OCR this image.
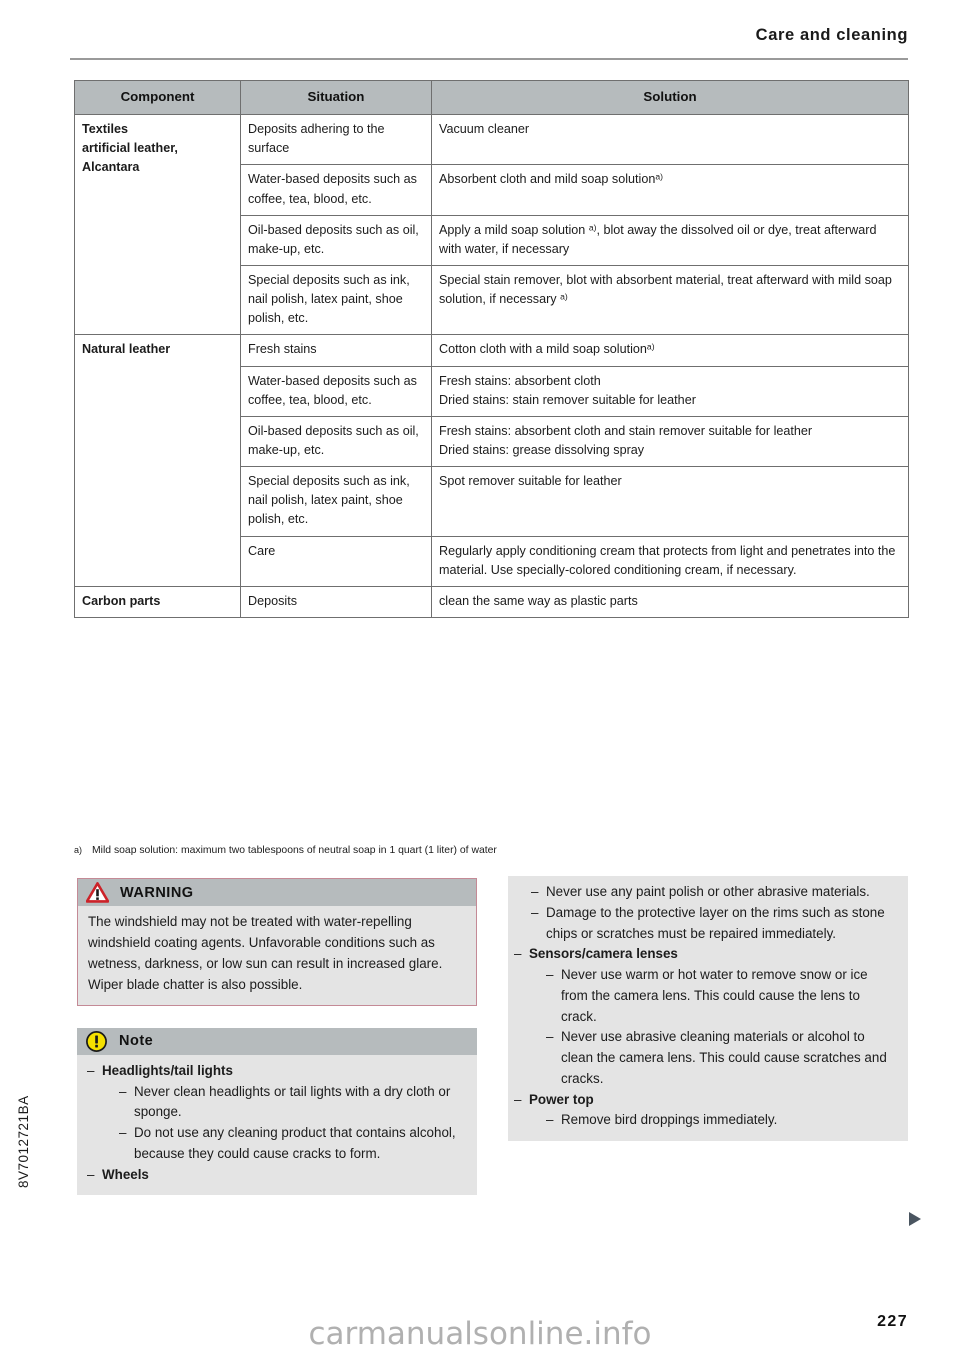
Care and cleaning
Component	Situation	Solution

Textiles
artificial leather,
Alcantara	Deposits adhering to the surface	Vacuum cleaner
	Water-based deposits such as coffee, tea, blood, etc.	Absorbent cloth and mild soap solution$^{a)}$
	Oil-based deposits such as oil, make-up, etc.	Apply a mild soap solution $^{a)}$, blot away the dissolved oil or dye, treat afterward with water, if necessary
	Special deposits such as ink, nail polish, latex paint, shoe polish, etc.	Special stain remover, blot with absorbent material, treat afterward with mild soap solution, if necessary $^{a)}$
Natural leather	Fresh stains	Cotton cloth with a mild soap solution$^{a)}$
	Water-based deposits such as coffee, tea, blood, etc.	Fresh stains: absorbent cloth
Dried stains: stain remover suitable for leather

	Oil-based deposits such as oil, make-up, etc.	Fresh stains: absorbent cloth and stain remover suitable for leather
Dried stains: grease dissolving spray

	Special deposits such as ink, nail polish, latex paint, shoe polish, etc.	Spot remover suitable for leather
	Care	Regularly apply conditioning cream that protects from light and penetrates into the material. Use specially-colored conditioning cream, if necessary.
Carbon parts	Deposits	clean the same way as plastic parts
a) Mild soap solution: maximum two tablespoons of neutral soap in 1 quart (1 liter) of water
WARNING
The windshield may not be treated with water-repelling windshield coating agents. Unfavorable conditions such as wetness, darkness, or low sun can result in increased glare. Wiper blade chatter is also possible.
Note
– Headlights/tail lights
– Never clean headlights or tail lights with a dry cloth or sponge.
– Do not use any cleaning product that contains alcohol, because they could cause cracks to form.
– Wheels
– Never use any paint polish or other abrasive materials.
– Damage to the protective layer on the rims such as stone chips or scratches must be repaired immediately.
– Sensors/camera lenses
– Never use warm or hot water to remove snow or ice from the camera lens. This could cause the lens to crack.
– Never use abrasive cleaning materials or alcohol to clean the camera lens. This could cause scratches and cracks.
– Power top
– Remove bird droppings immediately.
8V7012721BA
carmanualsonline.info	227
